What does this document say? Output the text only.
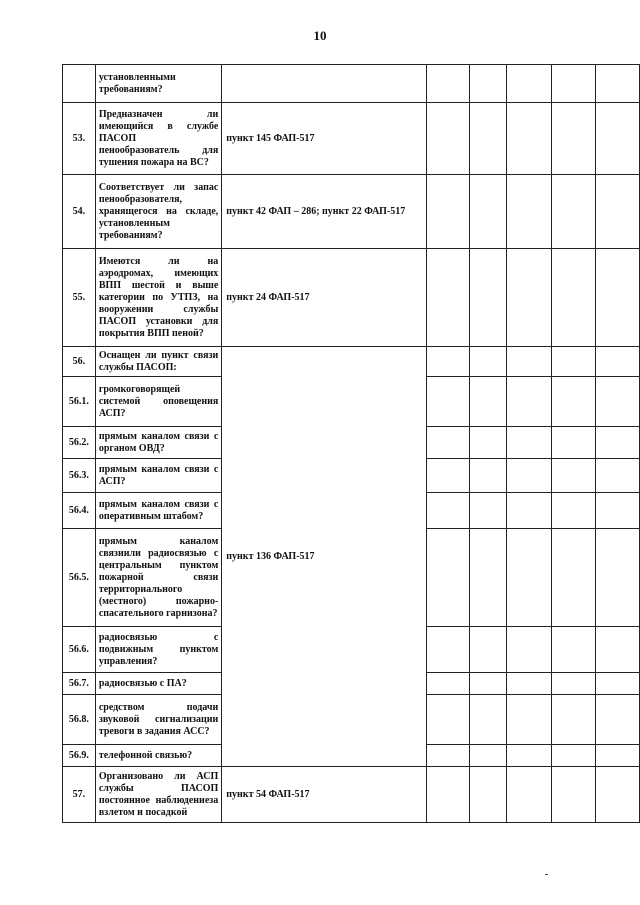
10
	установленными требованиям?						
53.	Предназначен ли имеющийся в службе ПАСОП пенообразователь для тушения пожара на ВС?	пункт 145 ФАП-517					
54.	Соответствует ли запас пенообразователя, хранящегося на складе, установленным требованиям?	пункт 42 ФАП – 286; пункт 22 ФАП-517					
55.	Имеются ли на аэродромах, имеющих ВПП шестой и выше категории по УТПЗ, на вооружении службы ПАСОП установки для покрытия ВПП пеной?	пункт 24 ФАП-517					
56.	Оснащен ли пункт связи службы ПАСОП:	пункт 136 ФАП-517					
56.1.	громкоговорящей системой оповещения АСП?						
56.2.	прямым каналом связи с органом ОВД?						
56.3.	прямым каналом связи с АСП?						
56.4.	прямым каналом связи с оперативным штабом?						
56.5.	прямым каналом связиили радиосвязью с центральным пунктом пожарной связи территориального (местного) пожарно-спасательного гарнизона?						
56.6.	радиосвязью с подвижным пунктом управления?						
56.7.	радиосвязью с ПА?						
56.8.	средством подачи звуковой сигнализации тревоги в задания АСС?						
56.9.	телефонной связью?						
57.	Организовано ли АСП службы ПАСОП постоянное наблюдениеза взлетом и посадкой	пункт 54 ФАП-517					
